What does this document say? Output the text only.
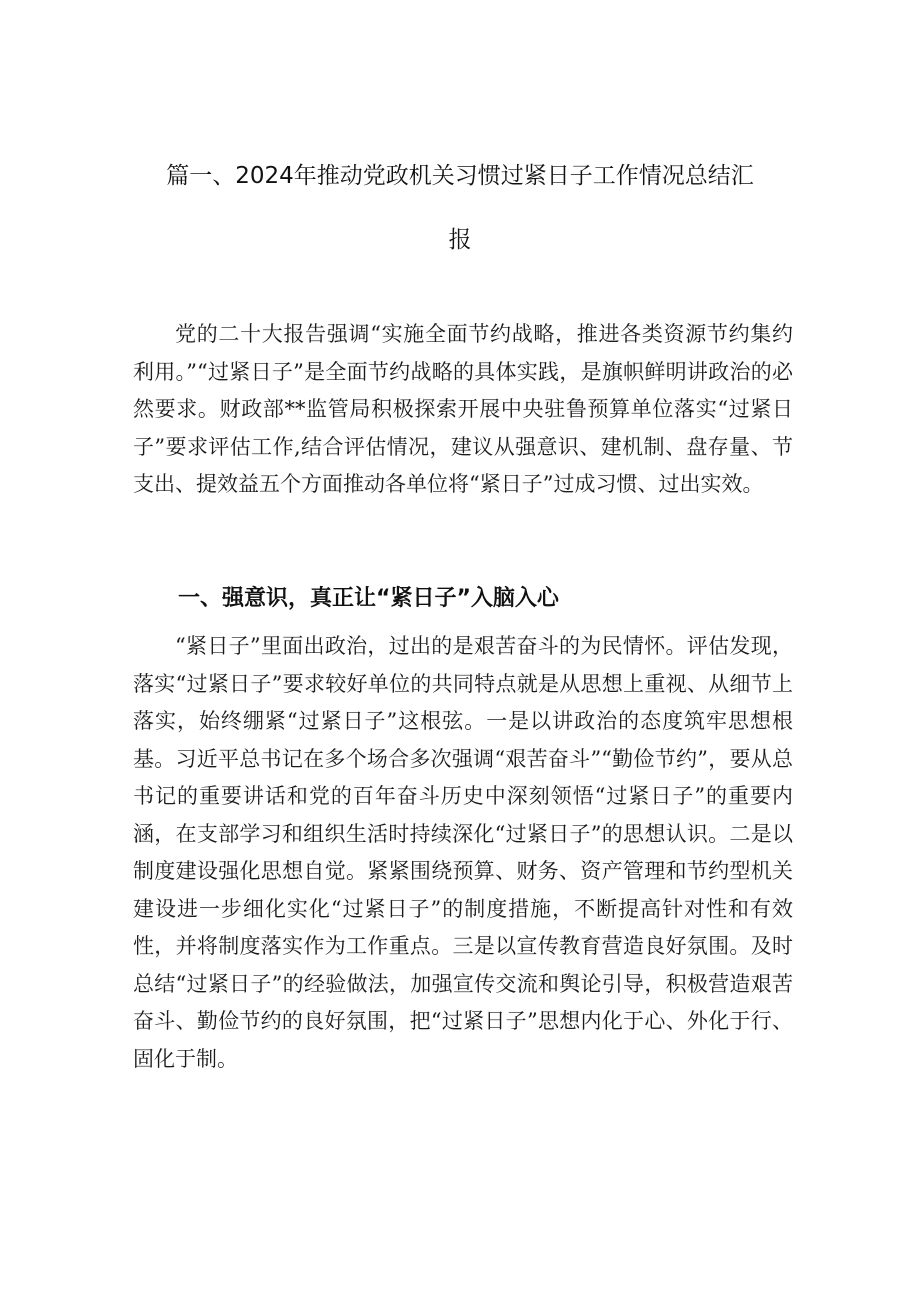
篇一、2024年推动党政机关习惯过紧日子工作情况总结汇
报

党的二十大报告强调“实施全面节约战略，推进各类资源节约集约利用。”“过紧日子”是全面节约战略的具体实践，是旗帜鲜明讲政治的必然要求。财政部**监管局积极探索开展中央驻鲁预算单位落实“过紧日子”要求评估工作,结合评估情况，建议从强意识、建机制、盘存量、节支出、提效益五个方面推动各单位将“紧日子”过成习惯、过出实效。

一、强意识，真正让“紧日子”入脑入心

“紧日子”里面出政治，过出的是艰苦奋斗的为民情怀。评估发现，落实“过紧日子”要求较好单位的共同特点就是从思想上重视、从细节上落实，始终绷紧“过紧日子”这根弦。一是以讲政治的态度筑牢思想根基。习近平总书记在多个场合多次强调“艰苦奋斗”“勤俭节约”，要从总书记的重要讲话和党的百年奋斗历史中深刻领悟“过紧日子”的重要内涵，在支部学习和组织生活时持续深化“过紧日子”的思想认识。二是以制度建设强化思想自觉。紧紧围绕预算、财务、资产管理和节约型机关建设进一步细化实化“过紧日子”的制度措施，不断提高针对性和有效性，并将制度落实作为工作重点。三是以宣传教育营造良好氛围。及时总结“过紧日子”的经验做法，加强宣传交流和舆论引导，积极营造艰苦奋斗、勤俭节约的良好氛围，把“过紧日子”思想内化于心、外化于行、固化于制。
